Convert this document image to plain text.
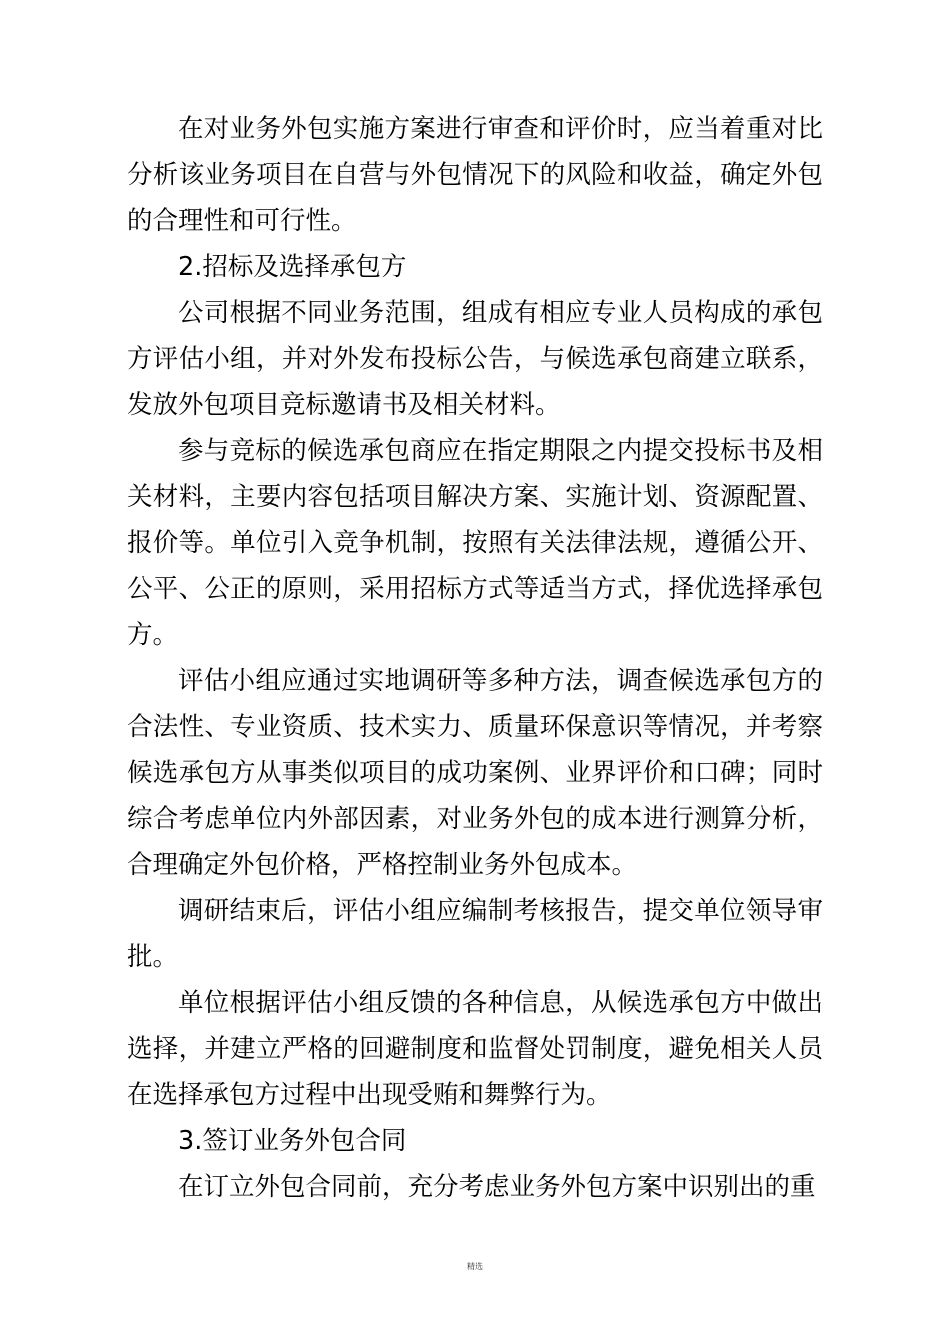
在对业务外包实施方案进行审查和评价时，应当着重对比分析该业务项目在自营与外包情况下的风险和收益，确定外包的合理性和可行性。

2.招标及选择承包方

公司根据不同业务范围，组成有相应专业人员构成的承包方评估小组，并对外发布投标公告，与候选承包商建立联系，发放外包项目竞标邀请书及相关材料。

参与竞标的候选承包商应在指定期限之内提交投标书及相关材料，主要内容包括项目解决方案、实施计划、资源配置、报价等。单位引入竞争机制，按照有关法律法规，遵循公开、公平、公正的原则，采用招标方式等适当方式，择优选择承包方。

评估小组应通过实地调研等多种方法，调查候选承包方的合法性、专业资质、技术实力、质量环保意识等情况，并考察候选承包方从事类似项目的成功案例、业界评价和口碑；同时综合考虑单位内外部因素，对业务外包的成本进行测算分析，合理确定外包价格，严格控制业务外包成本。

调研结束后，评估小组应编制考核报告，提交单位领导审批。

单位根据评估小组反馈的各种信息，从候选承包方中做出选择，并建立严格的回避制度和监督处罚制度，避免相关人员在选择承包方过程中出现受贿和舞弊行为。

3.签订业务外包合同

在订立外包合同前，充分考虑业务外包方案中识别出的重

精选
